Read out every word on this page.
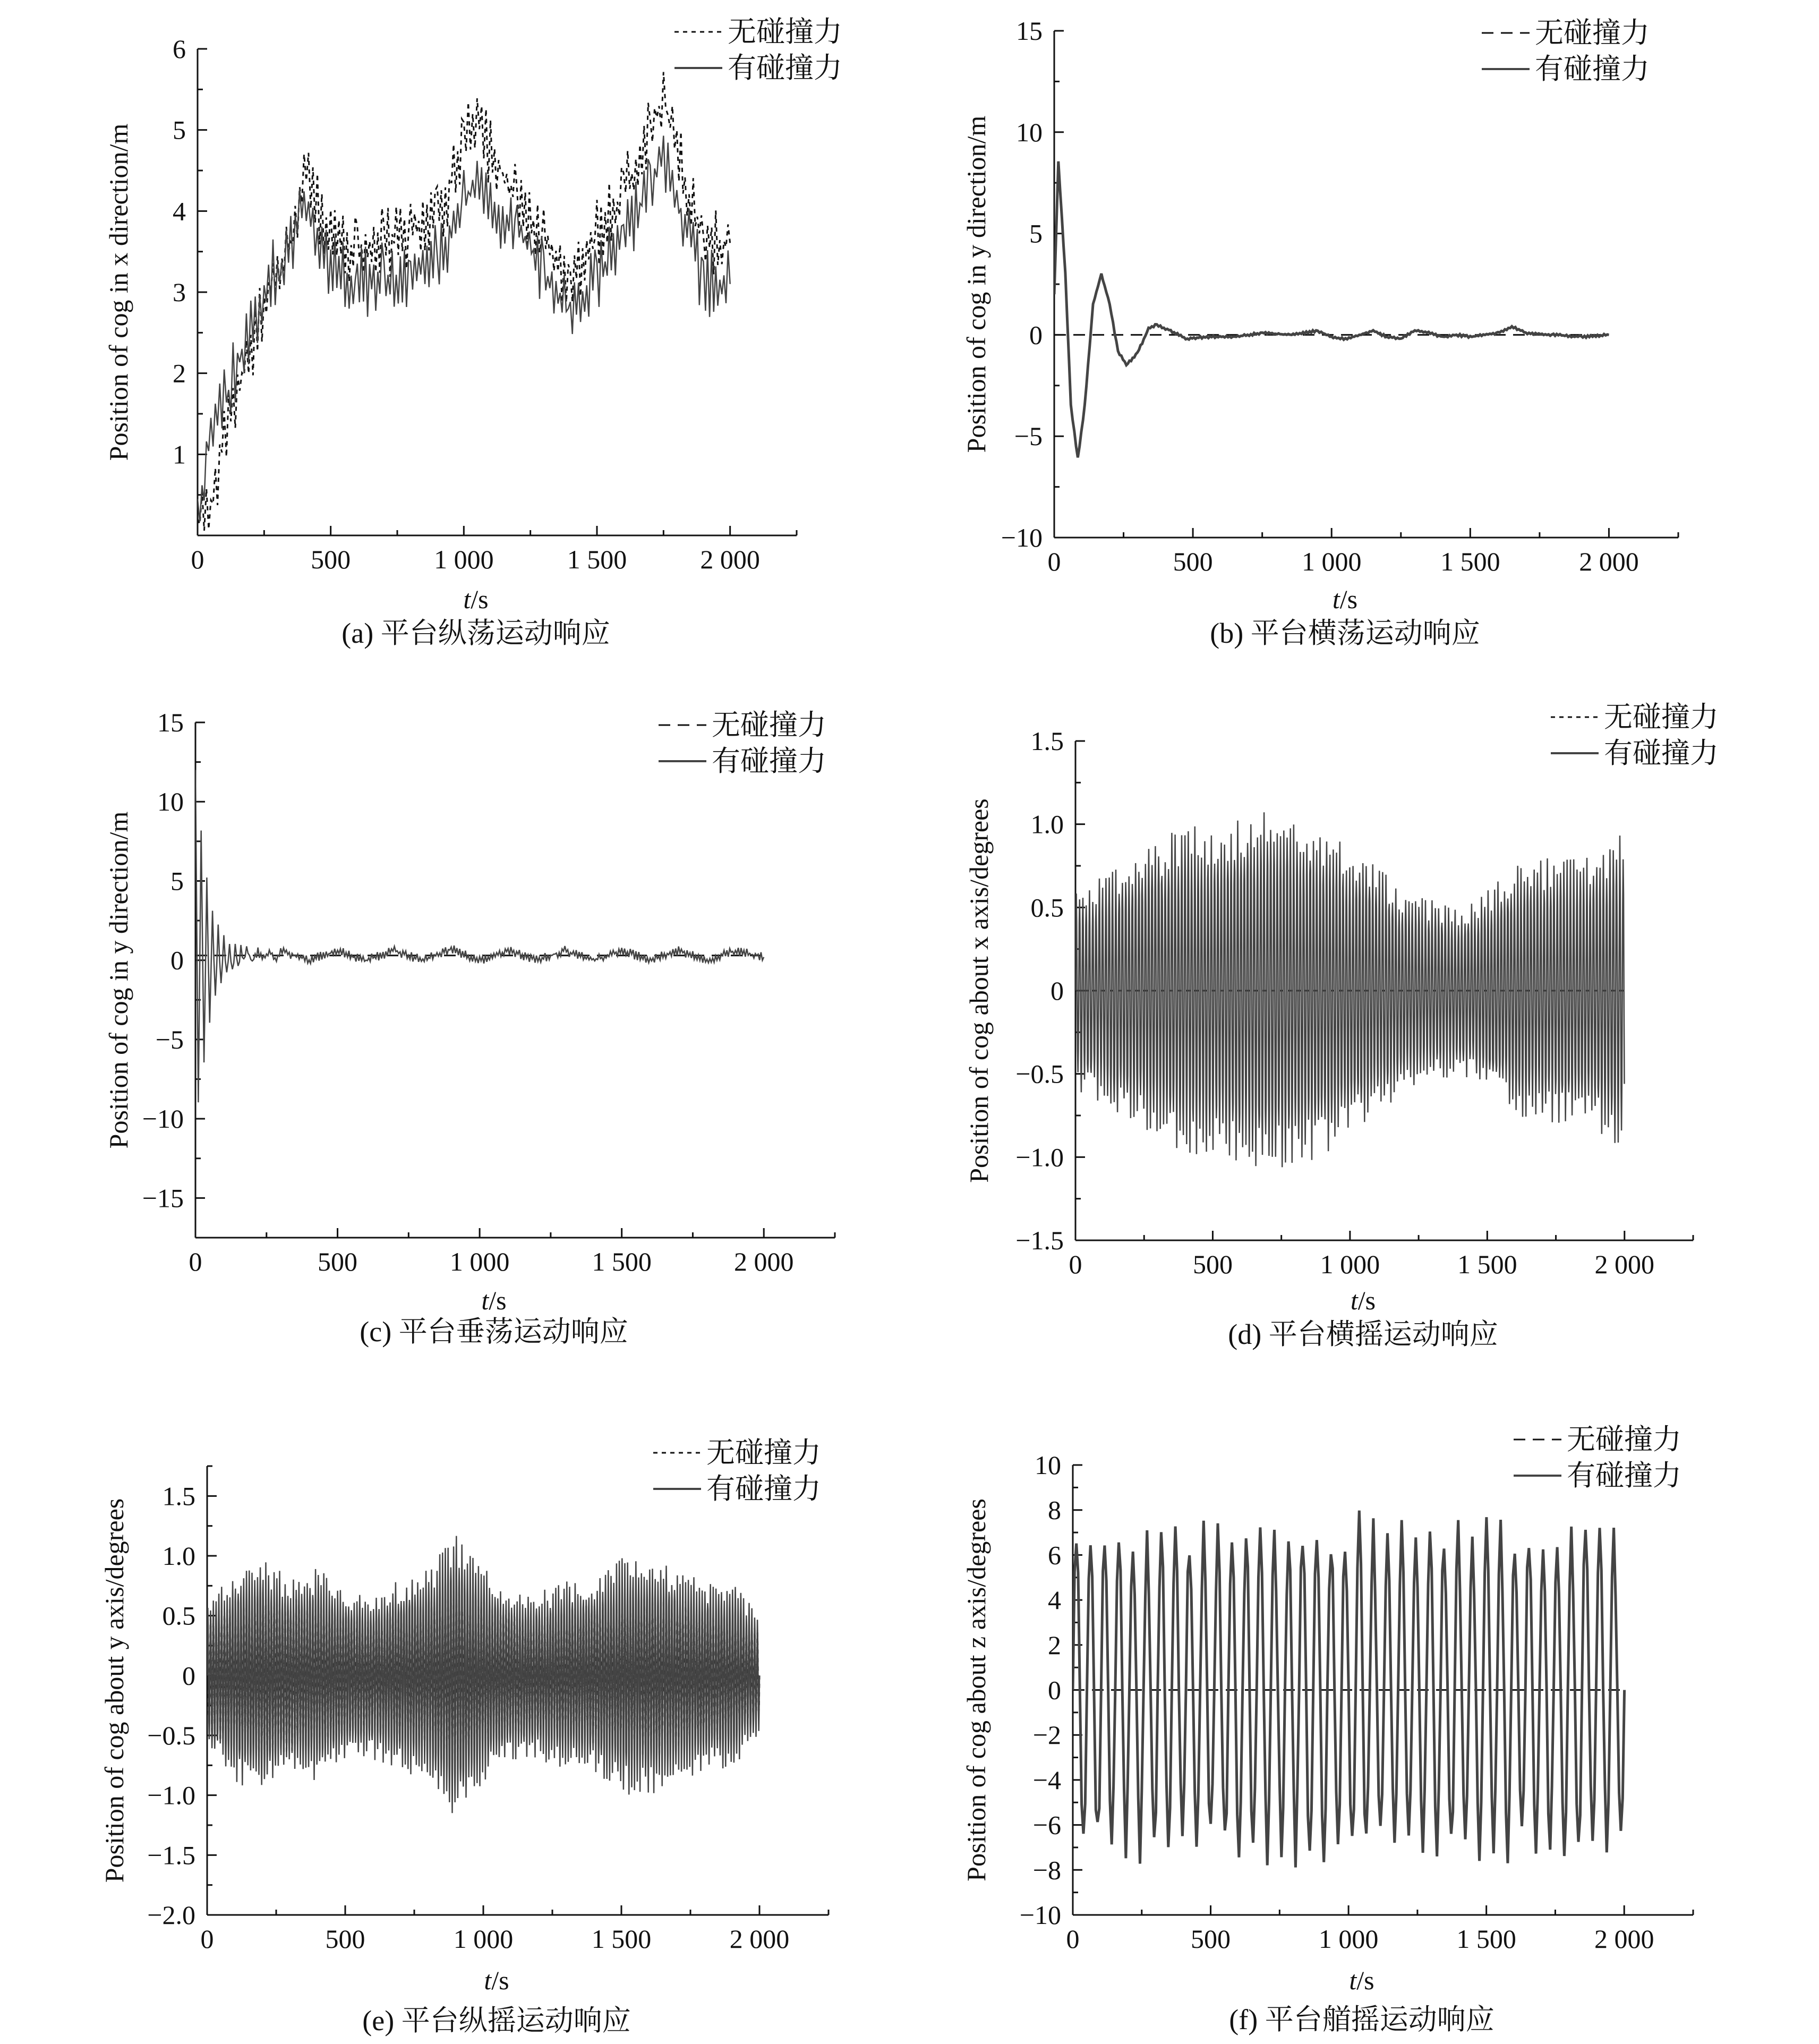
0	500	1 000	1 500	2 000
1
2
3
4
5
6
无碰撞力
有碰撞力
t/s
Position of cog in x direction/m
(a) 平台纵荡运动响应
0	500	1 000	1 500	2 000
−10
−5
0
5
10
15	无碰撞力
有碰撞力
t/s
Position of cog in y direction/m
(b) 平台横荡运动响应
0	500	1 000	1 500	2 000
−15
−10
−5
0
5
10
15	无碰撞力
有碰撞力
t/s
Position of cog in y direction/m
(c) 平台垂荡运动响应
0	500	1 000	1 500	2 000
−1.5
−1.0
−0.5
0
0.5
1.0
1.5
无碰撞力
有碰撞力
t/s
Position of cog about x axis/degrees
(d) 平台横摇运动响应
0	500	1 000	1 500	2 000
−2.0
−1.5
−1.0
−0.5
0
0.5
1.0
1.5
无碰撞力
有碰撞力
t/s
Position of cog about y axis/degrees
(e) 平台纵摇运动响应
0	500	1 000	1 500	2 000
−10
−8
−6
−4
−2
0
2
4
6
8
10
无碰撞力
有碰撞力
t/s
Position of cog about z axis/degrees
(f) 平台艏摇运动响应
